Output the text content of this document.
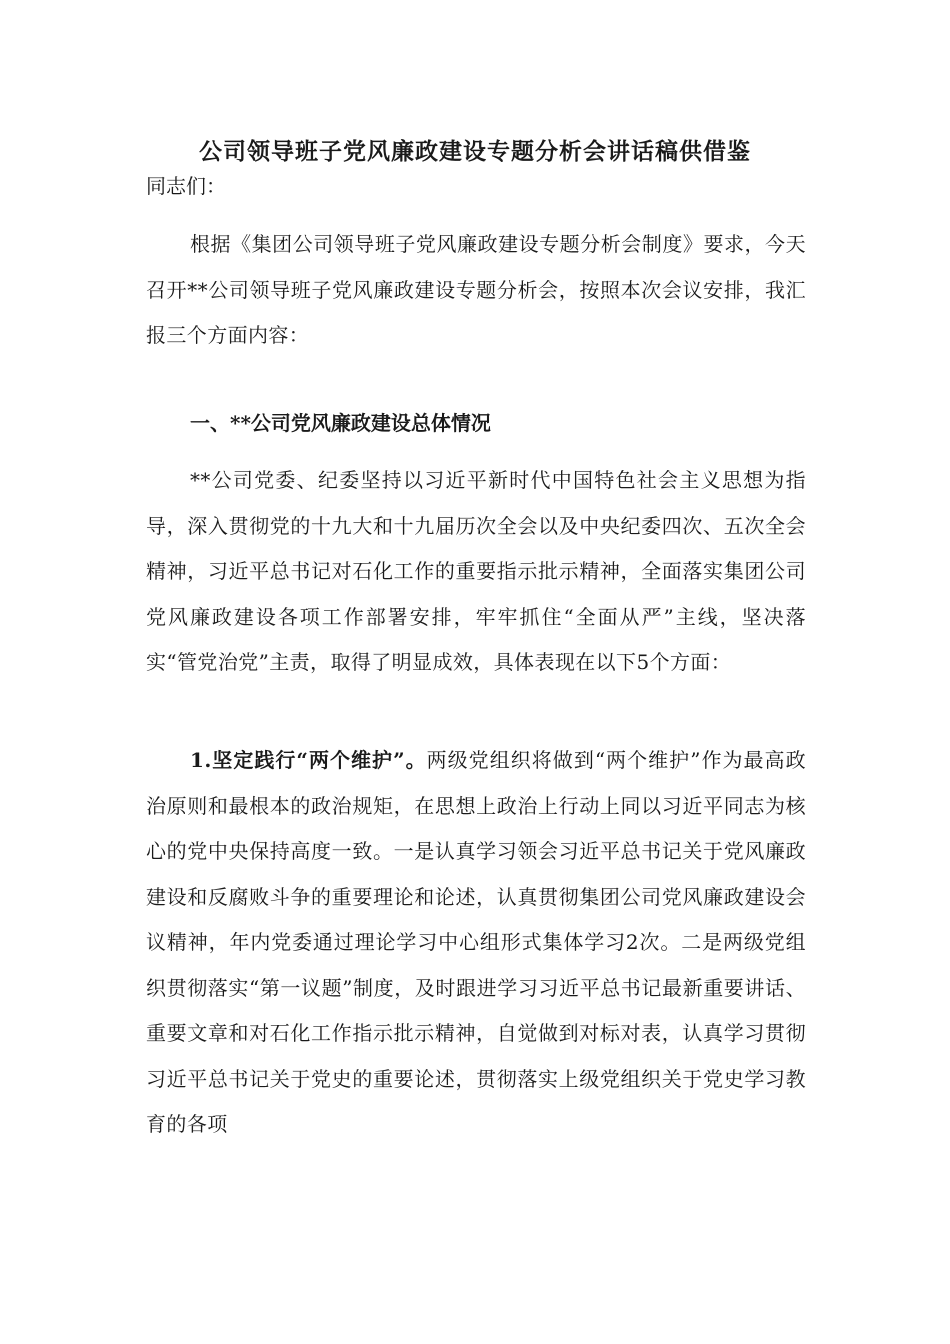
公司领导班子党风廉政建设专题分析会讲话稿供借鉴
同志们：

根据《集团公司领导班子党风廉政建设专题分析会制度》要求，今天召开**公司领导班子党风廉政建设专题分析会，按照本次会议安排，我汇报三个方面内容：

一、**公司党风廉政建设总体情况

**公司党委、纪委坚持以习近平新时代中国特色社会主义思想为指导，深入贯彻党的十九大和十九届历次全会以及中央纪委四次、五次全会精神，习近平总书记对石化工作的重要指示批示精神，全面落实集团公司党风廉政建设各项工作部署安排，牢牢抓住“全面从严”主线，坚决落实“管党治党”主责，取得了明显成效，具体表现在以下5个方面：

1.坚定践行“两个维护”。两级党组织将做到“两个维护”作为最高政治原则和最根本的政治规矩，在思想上政治上行动上同以习近平同志为核心的党中央保持高度一致。一是认真学习领会习近平总书记关于党风廉政建设和反腐败斗争的重要理论和论述，认真贯彻集团公司党风廉政建设会议精神，年内党委通过理论学习中心组形式集体学习2次。二是两级党组织贯彻落实“第一议题”制度，及时跟进学习习近平总书记最新重要讲话、重要文章和对石化工作指示批示精神，自觉做到对标对表，认真学习贯彻习近平总书记关于党史的重要论述，贯彻落实上级党组织关于党史学习教育的各项
